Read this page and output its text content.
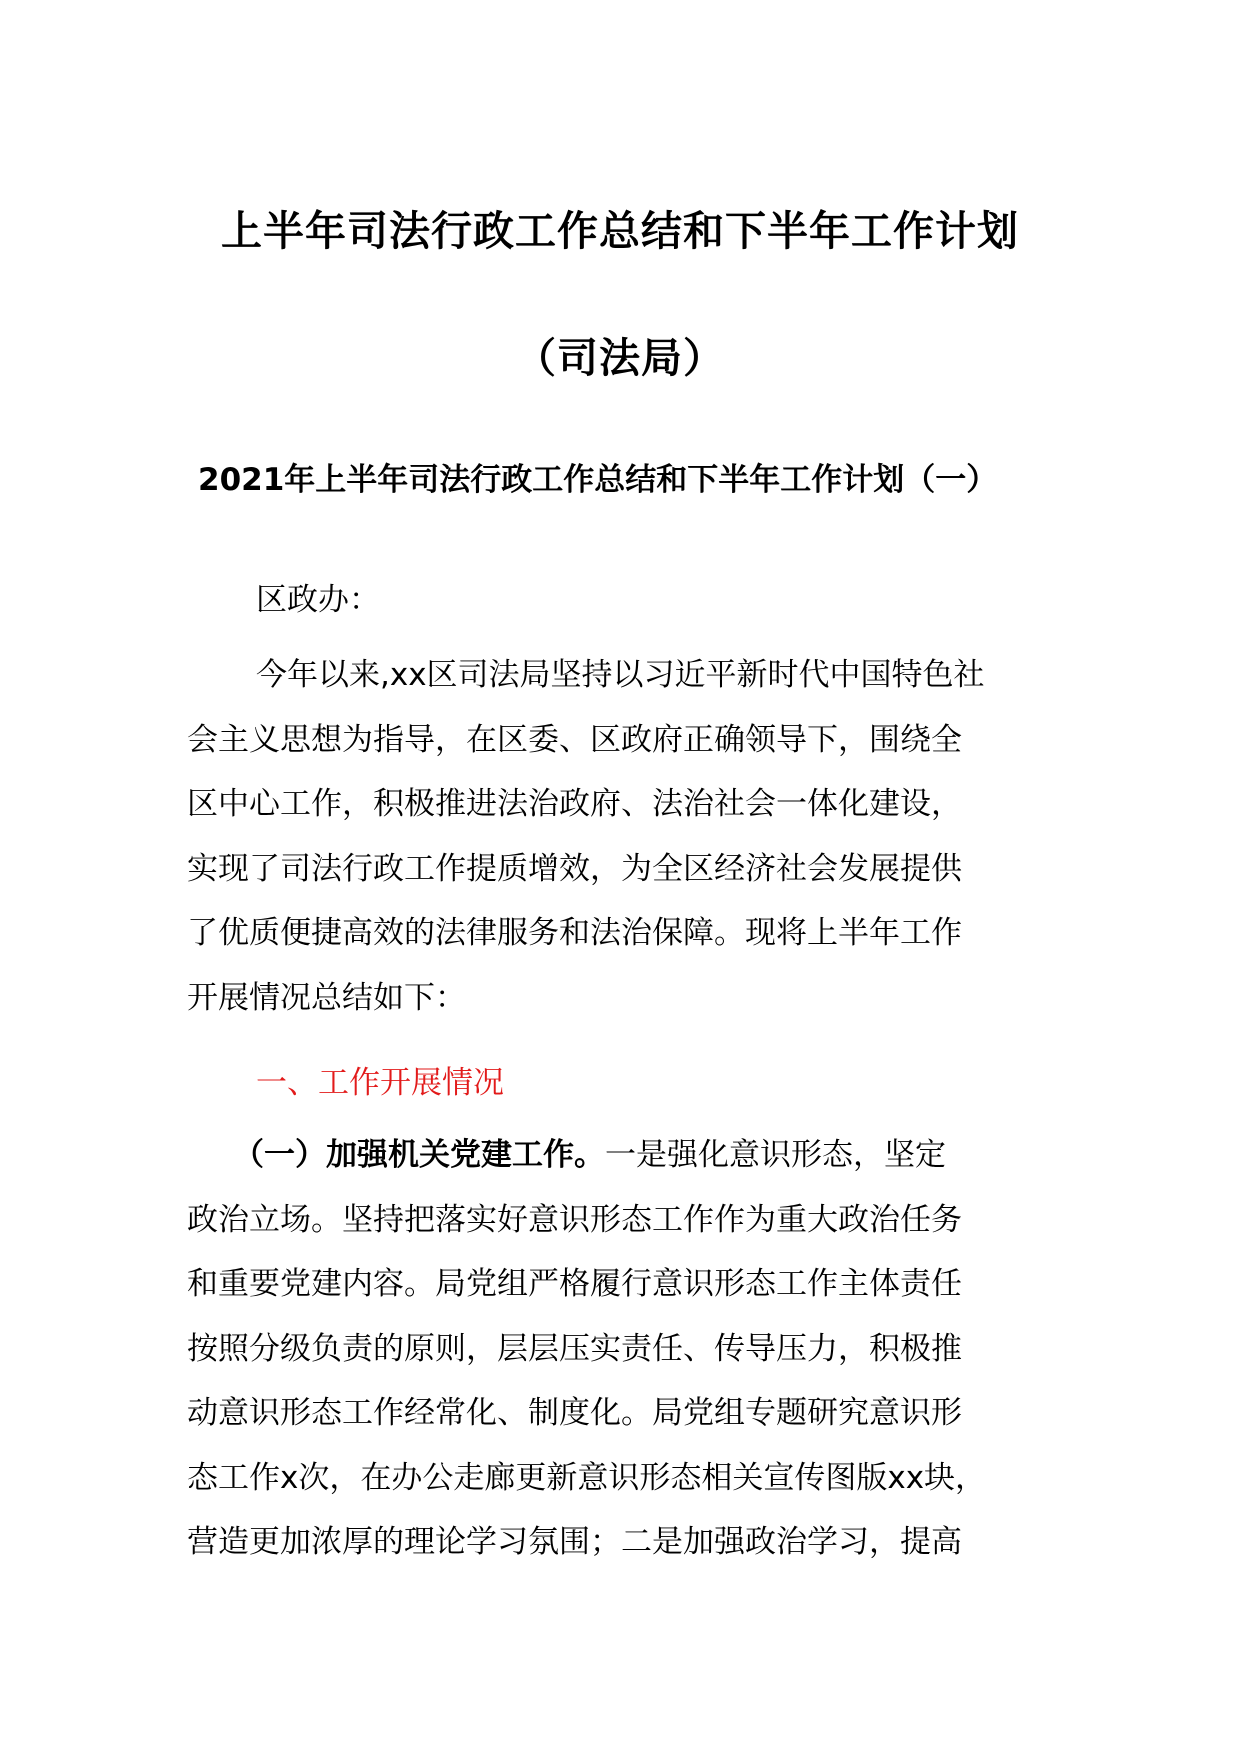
上半年司法行政工作总结和下半年工作计划
（司法局）
2021年上半年司法行政工作总结和下半年工作计划（一）

区政办：

今年以来,xx区司法局坚持以习近平新时代中国特色社
会主义思想为指导，在区委、区政府正确领导下，围绕全
区中心工作，积极推进法治政府、法治社会一体化建设，
实现了司法行政工作提质增效，为全区经济社会发展提供
了优质便捷高效的法律服务和法治保障。现将上半年工作
开展情况总结如下：

一、工作开展情况

（一）加强机关党建工作。一是强化意识形态，坚定
政治立场。坚持把落实好意识形态工作作为重大政治任务
和重要党建内容。局党组严格履行意识形态工作主体责任
按照分级负责的原则，层层压实责任、传导压力，积极推
动意识形态工作经常化、制度化。局党组专题研究意识形
态工作x次，在办公走廊更新意识形态相关宣传图版xx块，
营造更加浓厚的理论学习氛围；二是加强政治学习，提高
